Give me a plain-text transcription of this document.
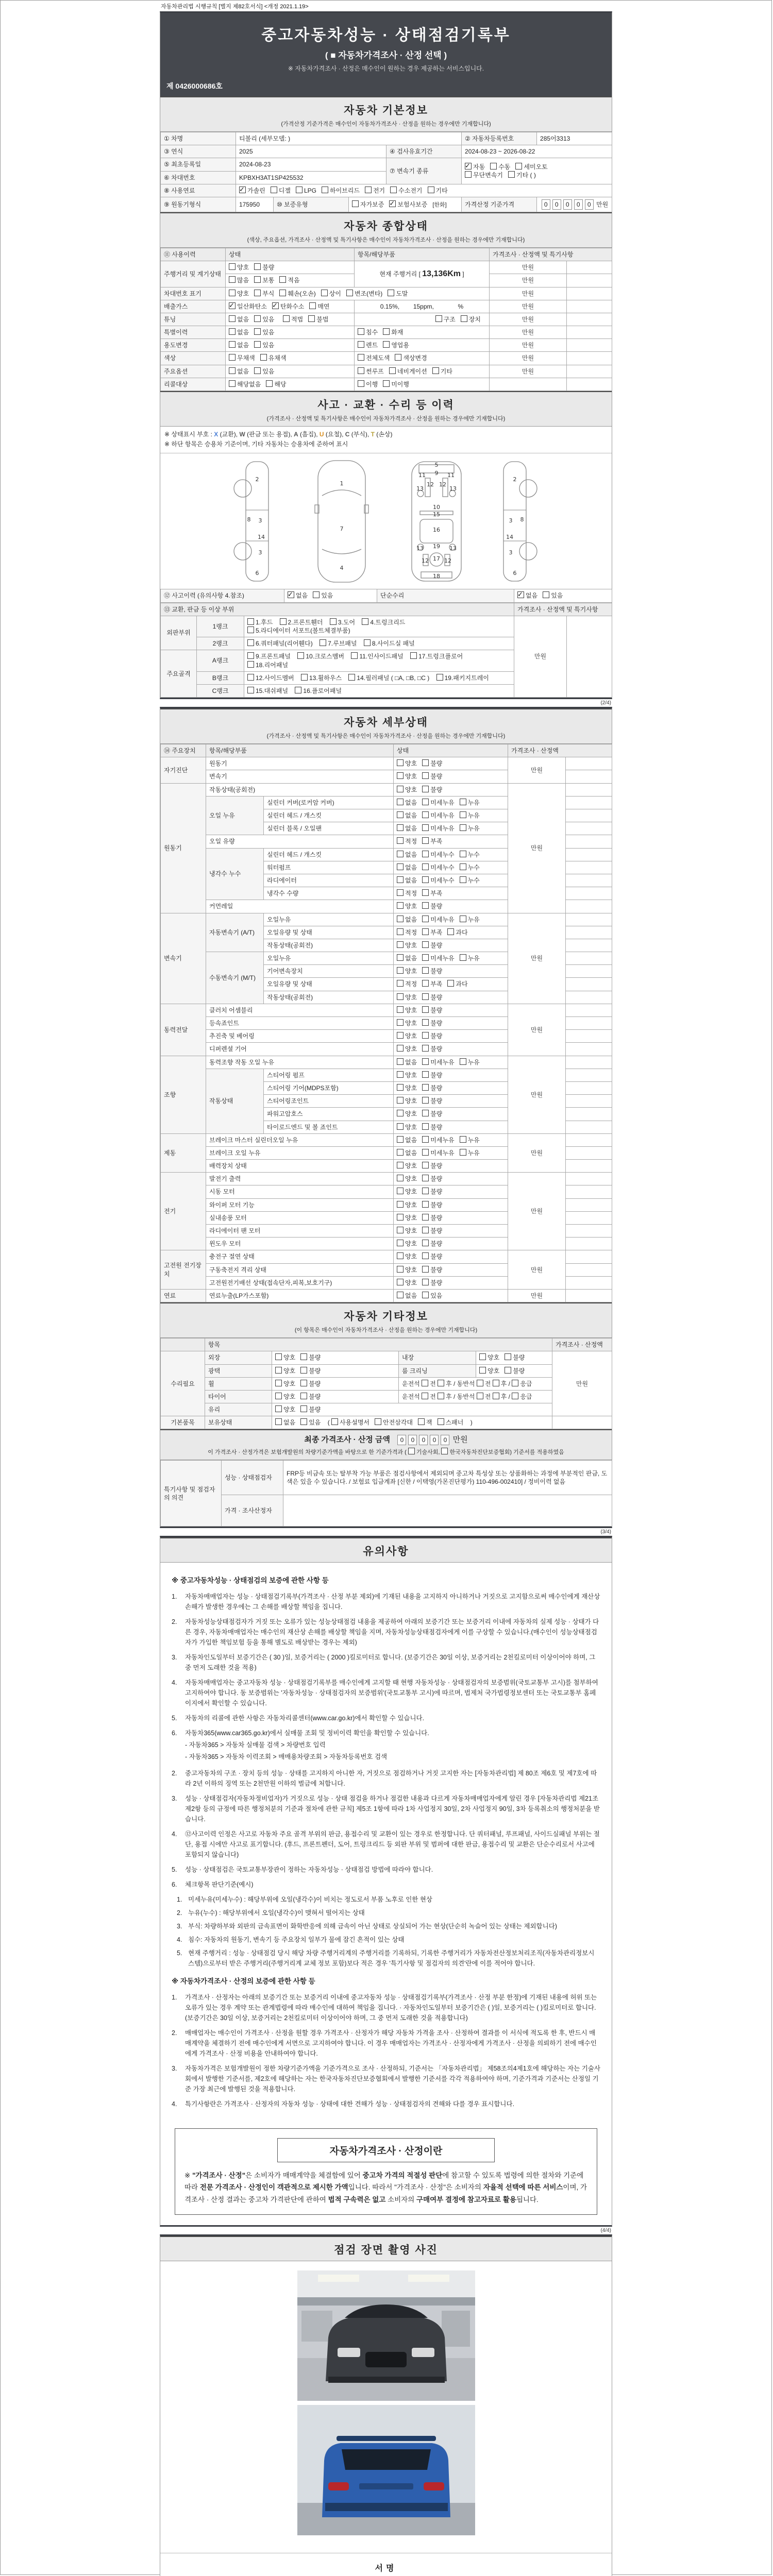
자동차관리법 시행규칙 [별지 제82호서식] <개정 2021.1.19>
중고자동차성능 · 상태점검기록부
( ■ 자동차가격조사 · 산정 선택 )
※ 자동차가격조사 · 산정은 매수인이 원하는 경우 제공하는 서비스입니다.
제 0426000686호
자동차 기본정보
(가격산정 기준가격은 매수인이 자동차가격조사 · 산정을 원하는 경우에만 기재합니다)
① 차명	티볼리 (세부모델: )				② 자동차등록번호	285어3313
③ 연식	2025			④ 검사유효기간	2024-08-23 ~ 2026-08-22	
⑤ 최초등록일	2024-08-23			⑦ 변속기 종류	✓자동 수동 세미오토
무단변속기 기타 ( )
⑥ 차대번호	KPBXH3AT1SP425532					
⑧ 사용연료	✓가솔린 디젤 LPG 하이브리드 전기 수소전기 기타
⑨ 원동기형식	175950	⑩ 보증유형	자가보증 ✓ 보험사보증 [한화]		가격산정 기준가격	0 0 0 0 0 만원
자동차 종합상태
(색상, 주요옵션, 가격조사 · 산정액 및 특기사항은 매수인이 자동차가격조사 · 산정을 원하는 경우에만 기재합니다)
⑪ 사용이력	상태	항목/해당부품	가격조사 · 산정액 및 특기사항	
주행거리 및 계기상태	양호 불량	현재 주행거리 [ 13,136Km ]	만원	
	많음 보통 적음		만원	
차대번호 표기	양호 부식 훼손(오손) 상이 변조(변타) 도말		만원	
배출가스	✓일산화탄소 ✓ 탄화수소 매연	0.15%,        15ppm,              %	만원	
튜닝	없음 있음 적법 불법	구조 장치	만원	
특별이력	없음 있음	침수 화재	만원	
용도변경	없음 있음	렌트 영업용	만원	
색상	무채색 유채색	전체도색 색상변경	만원	
주요옵션	없음 있음	썬루프 네비게이션 기타	만원	
리콜대상	해당없음 해당	이행 미이행		
사고 · 교환 · 수리 등 이력
(가격조사 · 산정액 및 특기사항은 매수인이 자동차가격조사 · 산정을 원하는 경우에만 기재합니다)
※ 상태표시 부호 : X (교환), W (판금 또는 용접), A (흠집), U (요철), C (부식), T (손상)
※ 하단 항목은 승용차 기준이며, 기타 자동차는 승용차에 준하여 표시
2
8 3
14
3
6
1
7
4
5
11 9 11
13
12 12
13
10
15
16
13 19 13
12 17 12
18
2
3 8
14
3
6
⑫ 사고이력 (유의사항 4.참조)	✓없음 있음	단순수리	✓없음 있음
⑬ 교환, 판금 등 이상 부위			가격조사 · 산정액 및 특기사항	
외판부위	1랭크	1.후드 2.프론트휀더 3.도어 4.트렁크리드 5.라디에이터 서포트(볼트체결부품)	만원	
	2랭크	6.쿼터패널(리어휀다) 7.루브패널 8.사이드실 패널		
주요골격	A랭크	9.프론트패널 10.크로스멤버 11.인사이드패널 17.트렁크플로어 18.리어패널		
	B랭크	12.사이드멤버 13.휠하우스 14.필러패널 ( □A, □B, □C ) 19.패키지트레이		
	C랭크	15.대쉬패널 16.플로어패널		
(2/4)
자동차 세부상태
(가격조사 · 산정액 및 특기사항은 매수인이 자동차가격조사 · 산정을 원하는 경우에만 기재합니다)
⑭ 주요장치	항목/해당부품		상태	가격조사 · 산정액	
자기진단	원동기		양호 불량	만원	
	변속기		양호 불량		
원동기	작동상태(공회전)		양호 불량	만원	
	오일 누유	실린더 커버(로커암 커버)	없음 미세누유 누유		
		실린더 헤드 / 개스킷	없음 미세누유 누유		
		실린더 블록 / 오일팬	없음 미세누유 누유		
	오일 유량		적정 부족		
	냉각수 누수	실린더 헤드 / 개스킷	없음 미세누수 누수		
		워터펌프	없음 미세누수 누수		
		라디에이터	없음 미세누수 누수		
		냉각수 수량	적정 부족		
	커먼레일		양호 불량		
변속기	자동변속기 (A/T)	오일누유	없음 미세누유 누유	만원	
		오일유량 및 상태	적정 부족 과다		
		작동상태(공회전)	양호 불량		
	수동변속기 (M/T)	오일누유	없음 미세누유 누유		
		기어변속장치	양호 불량		
		오일유량 및 상태	적정 부족 과다		
		작동상태(공회전)	양호 불량		
동력전달	클러치 어셈블리		양호 불량	만원	
	등속죠인트		양호 불량		
	추진축 및 베어링		양호 불량		
	디퍼렌셜 기어		양호 불량		
조향	동력조향 작동 오일 누유		없음 미세누유 누유	만원	
	작동상태	스티어링 펌프	양호 불량		
		스티어링 기어(MDPS포함)	양호 불량		
		스티어링조인트	양호 불량		
		파워고압호스	양호 불량		
		타이로드엔드 및 볼 죠인트	양호 불량		
제동	브레이크 마스터 실린더오일 누유		없음 미세누유 누유	만원	
	브레이크 오일 누유		없음 미세누유 누유		
	배력장치 상태		양호 불량		
전기	발전기 출력		양호 불량	만원	
	시동 모터		양호 불량		
	와이퍼 모터 기능		양호 불량		
	실내송풍 모터		양호 불량		
	라디에이터 팬 모터		양호 불량		
	윈도우 모터		양호 불량		
고전원 전기장치	충전구 절연 상태		양호 불량	만원	
	구동축전지 격리 상태		양호 불량		
	고전원전기배선 상태(접속단자,피복,보호기구)		양호 불량		
연료	연료누출(LP가스포함)		없음 있음	만원	
자동차 기타정보
(이 항목은 매수인이 자동차가격조사 · 산정을 원하는 경우에만 기재합니다)
	항목				가격조사 · 산정액
수리필요	외장	양호 불량	내장	양호 불량	만원
	광택	양호 불량	룸 크리닝	양호 불량	
	휠	양호 불량	운전석 전 후 / 동반석 전 후 / 응급		
	타이어	양호 불량	운전석 전 후 / 동반석 전 후 / 응급		
	유리	양호 불량			
기본품목	보유상태	없음 있음 ( 사용설명서 안전삼각대 잭 스패너 )			
최종 가격조사 · 산정 금액 0 0 0 0 0 만원
이 가격조사 · 산정가격은 보험개발원의 차량기준가액을 바탕으로 한 기준가격과 ( 기술사회, 한국자동차진단보증협회) 기준서를 적용하였음
특기사항 및 점검자의 의견	성능 · 상태점검자	FRP등 비금속 또는 탈부착 가능 부품은 점검사항에서 제외되며 중고차 특성상 또는 상품화하는 과정에 부분적인 판금, 도색은 있을 수 있습니다. / 보험료 입금계좌 [신한 / 이택영(가몬진단평가) 110-496-002410] / 정비이력 없음
	가격 · 조사산정자	
(3/4)
유의사항
※ 중고자동차성능 · 상태점검의 보증에 관한 사항 등
1.	자동차매매업자는 성능 · 상태점검기록부(가격조사 · 산정 부분 제외)에 기재된 내용을 고지하지 아니하거나 거짓으로 고지함으로써 매수인에게 재산상 손해가 발생한 경우에는 그 손해를 배상할 책임을 집니다.
2.	자동차성능상태점검자가 거짓 또는 오류가 있는 성능상태점검 내용을 제공하여 아래의 보증기간 또는 보증거리 이내에 자동차의 실제 성능 · 상태가 다른 경우, 자동차매매업자는 매수인의 재산상 손해를 배상할 책임을 지며, 자동차성능상태점검자에게 이를 구상할 수 있습니다.(매수인이 성능상태점검자가 가입한 책임보험 등을 통해 별도로 배상받는 경우는 제외)
3.	자동차인도일부터 보증기간은 ( 30 )일, 보증거리는 ( 2000 )킬로미터로 합니다. (보증기간은 30일 이상, 보증거리는 2천킬로미터 이상이어야 하며, 그 중 먼저 도래한 것을 적용)
4.	자동차매매업자는 중고자동차 성능 · 상태점검기록부를 매수인에게 고지할 때 현행 자동차성능 · 상태점검자의 보증범위(국토교통부 고시)를 첨부하여 고지하여야 합니다. 동 보증범위는 '자동차성능 · 상태점검자의 보증범위'(국토교통부 고시)에 따르며, 법제처 국가법령정보센터 또는 국토교통부 홈페이지에서 확인할 수 있습니다.
5.	자동차의 리콜에 관한 사항은 자동차리콜센터(www.car.go.kr)에서 확인할 수 있습니다.
6.	자동차365(www.car365.go.kr)에서 실매물 조회 및 정비이력 확인을 확인할 수 있습니다.
- 자동차365 > 자동차 실매물 검색 > 차량번호 입력
- 자동차365 > 자동차 이력조회 > 매매용차량조회 > 자동차등록번호 검색
2.	중고자동차의 구조 · 장치 등의 성능 · 상태를 고지하지 아니한 자, 거짓으로 점검하거나 거짓 고지한 자는 [자동차관리법] 제 80조 제6호 및 제7호에 따라 2년 이하의 징역 또는 2천만원 이하의 벌금에 처합니다.
3.	성능 · 상태점검자(자동차정비업자)가 거짓으로 성능 · 상태 점검을 하거나 점검한 내용과 다르게 자동차매매업자에게 알린 경우 [자동차관리법 제21조 제2항 등의 규정에 따른 행정처분의 기준과 절차에 관한 규칙] 제5조 1항에 따라 1차 사업정지 30일, 2차 사업정지 90일, 3차 등록취소의 행정처분을 받습니다.
4.	⑫사고이력 인정은 사고로 자동차 주요 골격 부위의 판금, 용접수리 및 교환이 있는 경우로 한정합니다. 단 쿼터패널, 루프패널, 사이드실패널 부위는 절단, 용접 시에만 사고로 표기합니다. (후드, 프론트펜더, 도어, 트렁크리드 등 외판 부위 및 범퍼에 대한 판금, 용접수리 및 교환은 단순수리로서 사고에 포함되지 않습니다)
5.	성능 · 상태점검은 국토교통부장관이 정하는 자동차성능 · 상태점검 방법에 따라야 합니다.
6.	체크항목 판단기준(예시)
1. 미세누유(미세누수) : 해당부위에 오일(냉각수)이 비치는 정도로서 부품 노후로 인한 현상
2. 누유(누수) : 해당부위에서 오일(냉각수)이 맺혀서 떨어지는 상태
3. 부식: 차량하부와 외판의 금속표면이 화학반응에 의해 금속이 아닌 상태로 상실되어 가는 현상(단순히 녹슬어 있는 상태는 제외합니다)
4. 침수: 자동차의 원동기, 변속기 등 주요장치 일부가 물에 잠긴 흔적이 있는 상태
5. 현재 주행거리 : 성능 · 상태점검 당시 해당 차량 주행거리계의 주행거리를 기록하되, 기록한 주행거리가 자동차전산정보처리조직(자동차관리정보시스템)으로부터 받은 주행거리(주행거리계 교체 정보 포함)보다 적은 경우 '특기사항 및 점검자의 의견'란에 이를 적어야 합니다.
※ 자동차가격조사 · 산정의 보증에 관한 사항 등
1.	가격조사 · 산정자는 아래의 보증기간 또는 보증거리 이내에 중고자동차 성능 · 상태점검기록부(가격조사 · 산정 부분 한정)에 기재된 내용에 허위 또는 오류가 있는 경우 계약 또는 관계법령에 따라 매수인에 대하여 책임을 집니다. · 자동차인도일부터 보증기간은 ( )일, 보증거리는 ( )킬로미터로 합니다. (보증기간은 30일 이상, 보증거리는 2천킬로미터 이상이어야 하며, 그 중 먼저 도래한 것을 적용합니다)
2.	매매업자는 매수인이 가격조사 · 산정을 원할 경우 가격조사 · 산정자가 해당 자동차 가격을 조사 · 산정하여 결과를 이 서식에 적도록 한 후, 반드시 매매계약을 체결하기 전에 매수인에게 서면으로 고지하여야 합니다. 이 경우 매매업자는 가격조사 · 산정자에게 가격조사 · 산정을 의뢰하기 전에 매수인에게 가격조사 · 산정 비용을 안내하여야 합니다.
3.	자동차가격은 보험개발원이 정한 차량기준가액을 기준가격으로 조사 · 산정하되, 기준서는 「자동차관리법」 제58조의4제1호에 해당하는 자는 기술사회에서 발행한 기준서를, 제2호에 해당하는 자는 한국자동차진단보증협회에서 발행한 기준서를 각각 적용하여야 하며, 기준가격과 기준서는 산정일 기준 가장 최근에 발행된 것을 적용합니다.
4.	특기사항란은 가격조사 · 산정자의 자동차 성능 · 상태에 대한 견해가 성능 · 상태점검자의 견해와 다를 경우 표시합니다.
자동차가격조사 · 산정이란
※ "가격조사 · 산정"은 소비자가 매매계약을 체결함에 있어 중고차 가격의 적절성 판단에 참고할 수 있도록 법령에 의한 절차와 기준에 따라 전문 가격조사 · 산정인이 객관적으로 제시한 가액입니다. 따라서 "가격조사 · 산정"은 소비자의 자율적 선택에 따른 서비스이며, 가격조사 · 산정 결과는 중고차 가격판단에 관하여 법적 구속력은 없고 소비자의 구매여부 결정에 참고자료로 활용됩니다.
(4/4)
점검 장면 촬영 사진
서명
